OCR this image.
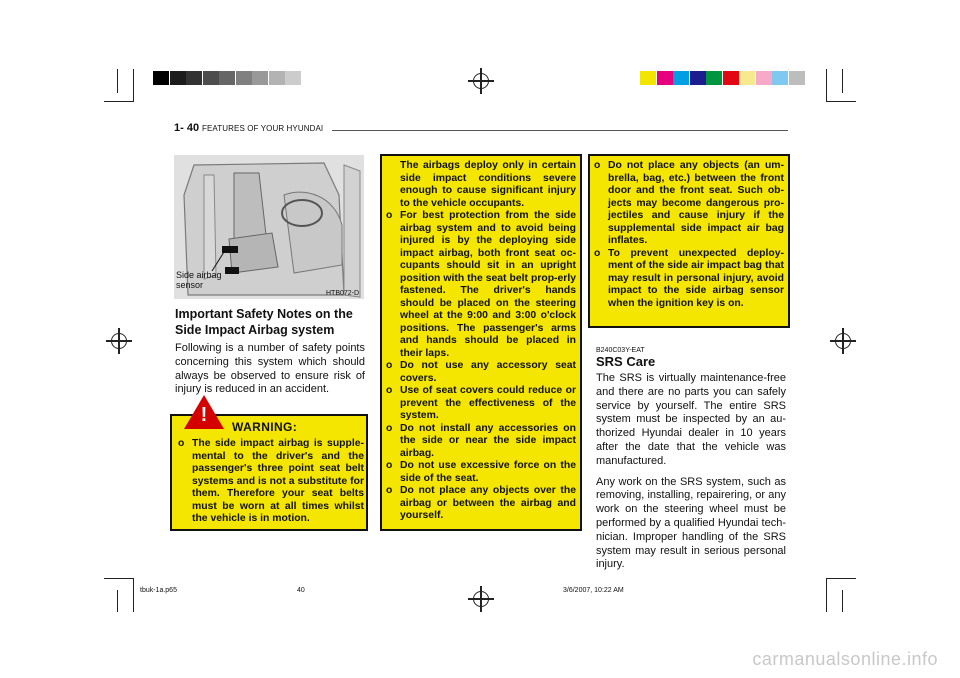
1- 40 FEATURES OF YOUR HYUNDAI
Side airbag
sensor
HTB072-D
Important Safety Notes on the Side Impact Airbag system
Following is a number of safety points concerning this system which should always be observed to ensure risk of injury is reduced in an accident.
o The side impact airbag is supple-mental to the driver's and the passenger's three point seat belt systems and is not a substitute for them. Therefore your seat belts must be worn at all times whilst the vehicle is in motion.
!
WARNING:
The airbags deploy only in certain side impact conditions severe enough to cause significant injury to the vehicle occupants.
o For best protection from the side airbag system and to avoid being injured is by the deploying side impact airbag, both front seat oc-cupants should sit in an upright position with the seat belt prop-erly fastened. The driver's hands should be placed on the steering wheel at the 9:00 and 3:00 o'clock positions. The passenger's arms and hands should be placed in their laps.
o Do not use any accessory seat covers.
o Use of seat covers could reduce or prevent the effectiveness of the system.
o Do not install any accessories on the side or near the side impact airbag.
o Do not use excessive force on the side of the seat.
o Do not place any objects over the airbag or between the airbag and yourself.
o Do not place any objects (an um-brella, bag, etc.) between the front door and the front seat. Such ob-jects may become dangerous pro-jectiles and cause injury if the supplemental side impact air bag inflates.
o To prevent unexpected deploy-ment of the side air impact bag that may result in personal injury, avoid impact to the side airbag sensor when the ignition key is on.
B240C03Y-EAT
SRS Care

The SRS is virtually maintenance-free and there are no parts you can safely service by yourself. The entire SRS system must be inspected by an au-thorized Hyundai dealer in 10 years after the date that the vehicle was manufactured.

Any work on the SRS system, such as removing, installing, repairering, or any work on the steering wheel must be performed by a qualified Hyundai tech-nician. Improper handling of the SRS system may result in serious personal injury.

tbuk-1a.p65	40	3/6/2007, 10:22 AM
carmanualsonline.info
